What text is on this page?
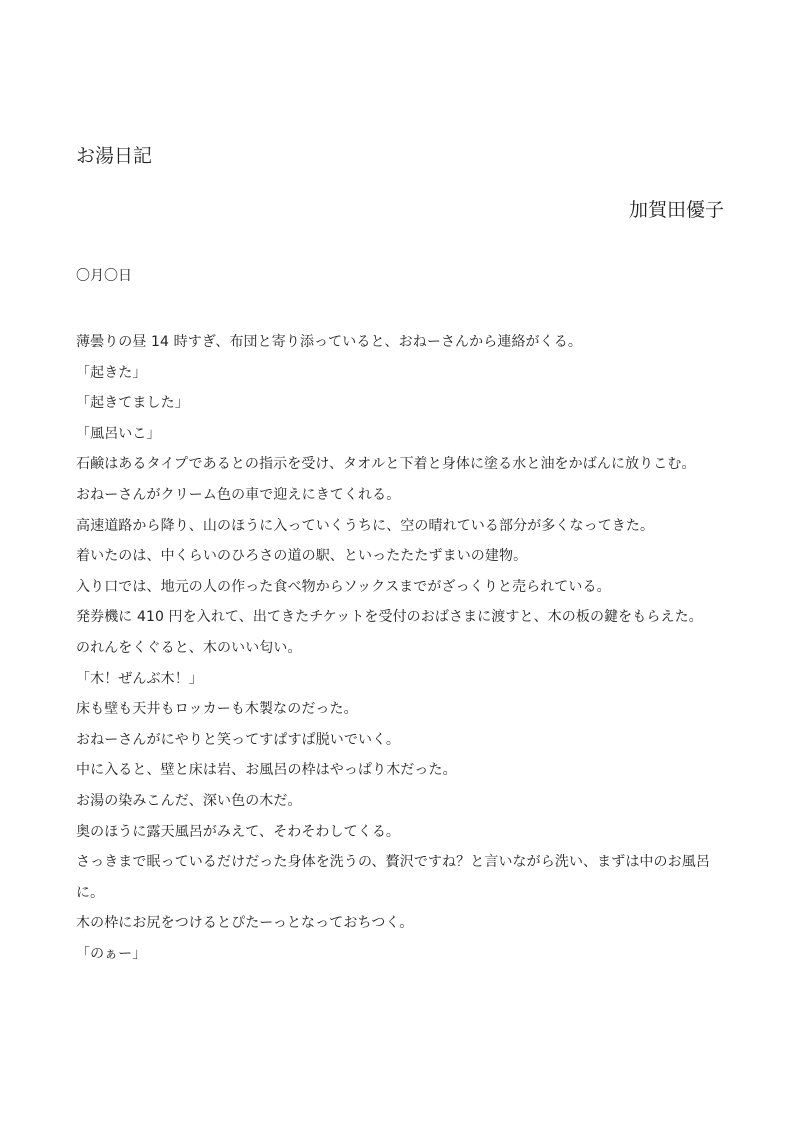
お湯日記
加賀田優子
〇月〇日
薄曇りの昼 14 時すぎ、布団と寄り添っていると、おねーさんから連絡がくる。
「起きた」
「起きてました」
「風呂いこ」
石鹸はあるタイプであるとの指示を受け、タオルと下着と身体に塗る水と油をかばんに放りこむ。
おねーさんがクリーム色の車で迎えにきてくれる。
高速道路から降り、山のほうに入っていくうちに、空の晴れている部分が多くなってきた。
着いたのは、中くらいのひろさの道の駅、といったたたずまいの建物。
入り口では、地元の人の作った食べ物からソックスまでがざっくりと売られている。
発券機に 410 円を入れて、出てきたチケットを受付のおばさまに渡すと、木の板の鍵をもらえた。
のれんをくぐると、木のいい匂い。
「木！ぜんぶ木！」
床も壁も天井もロッカーも木製なのだった。
おねーさんがにやりと笑ってすぱすぱ脱いでいく。
中に入ると、壁と床は岩、お風呂の枠はやっぱり木だった。
お湯の染みこんだ、深い色の木だ。
奥のほうに露天風呂がみえて、そわそわしてくる。
さっきまで眠っているだけだった身体を洗うの、贅沢ですね？と言いながら洗い、まずは中のお風呂
に。
木の枠にお尻をつけるとぴたーっとなっておちつく。
「のぁー」
